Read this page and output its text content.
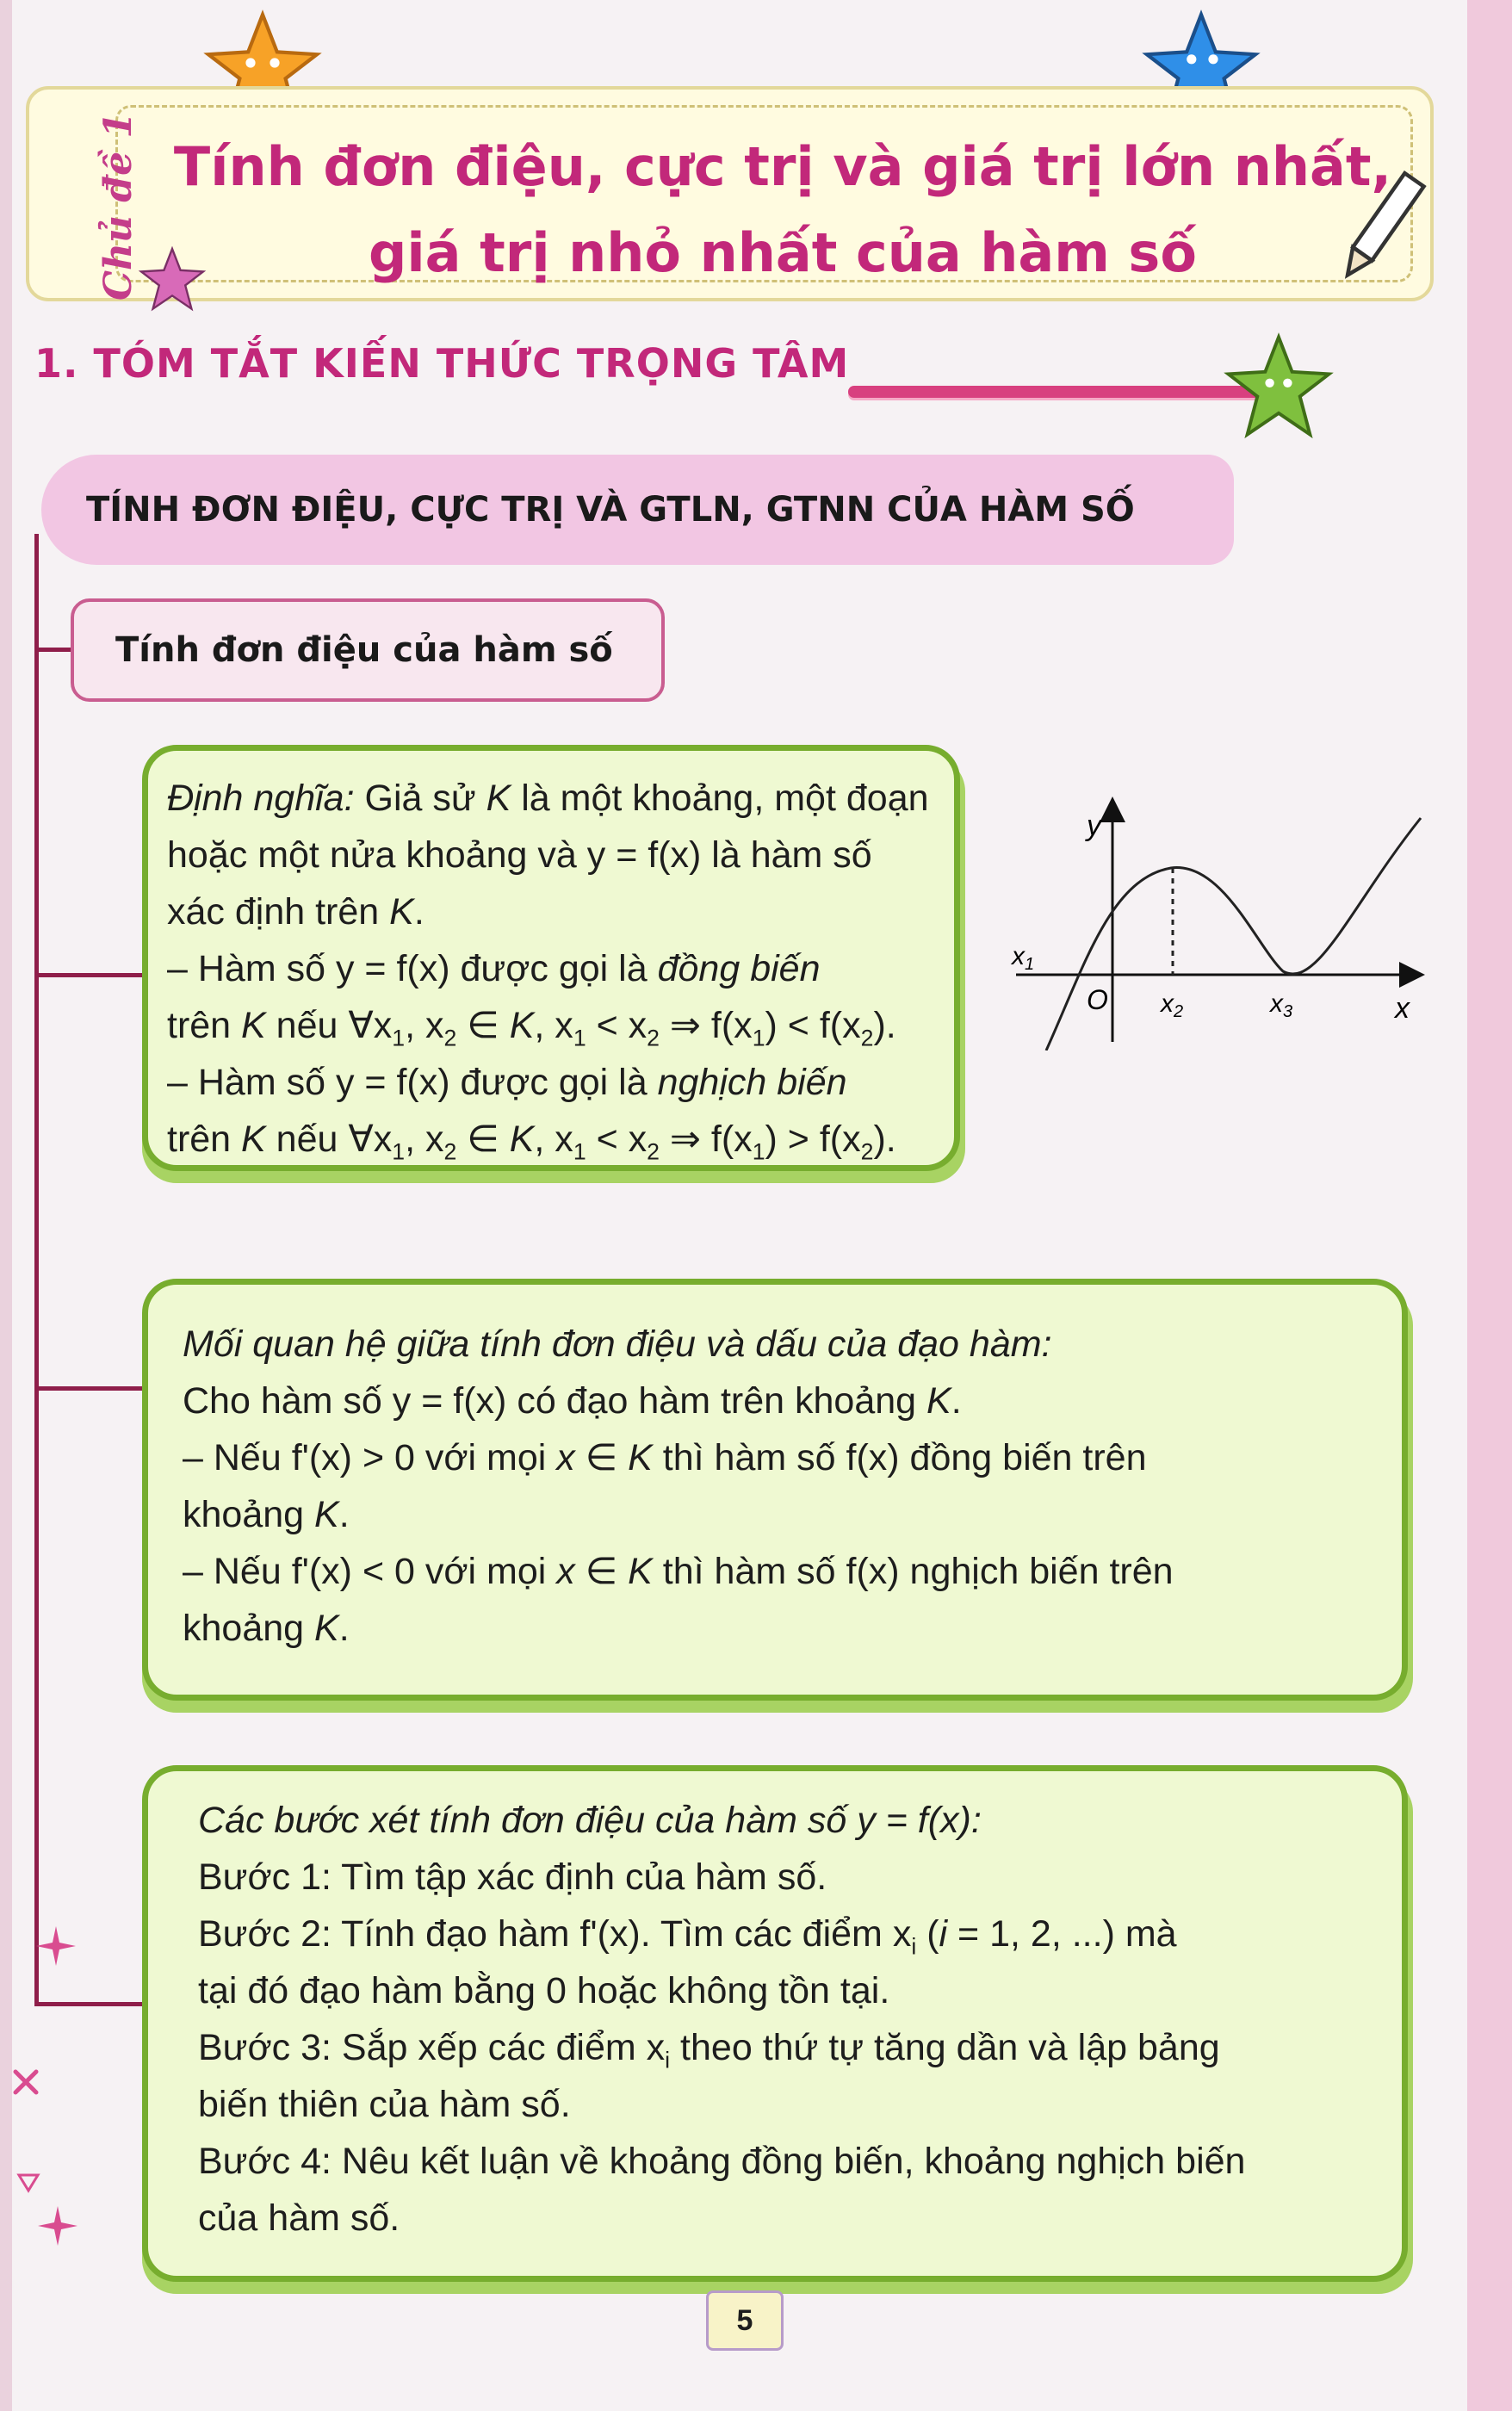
Chủ đề 1 Tính đơn điệu, cực trị và giá trị lớn nhất,
giá trị nhỏ nhất của hàm số
1. TÓM TẮT KIẾN THỨC TRỌNG TÂM
TÍNH ĐƠN ĐIỆU, CỰC TRỊ VÀ GTLN, GTNN CỦA HÀM SỐ
Tính đơn điệu của hàm số

Định nghĩa: Giả sử K là một khoảng, một đoạn

hoặc một nửa khoảng và y = f(x) là hàm số

xác định trên K.

– Hàm số y = f(x) được gọi là đồng biến

trên K nếu $\forall x_1$, $x_2$ ∈ K, $x_1 < x_2$ ⇒ $f(x_1) < f(x_2)$.

– Hàm số y = f(x) được gọi là nghịch biến

trên K nếu $\forall x_1$, $x_2$ ∈ K, $x_1 < x_2$ ⇒ $f(x_1) > f(x_2)$.

y
x
O
$x_1$
$x_2$	$x_3$

Mối quan hệ giữa tính đơn điệu và dấu của đạo hàm:

Cho hàm số y = f(x) có đạo hàm trên khoảng K.

– Nếu f'(x) > 0 với mọi x ∈ K thì hàm số f(x) đồng biến trên

khoảng K.

– Nếu f'(x) < 0 với mọi x ∈ K thì hàm số f(x) nghịch biến trên

khoảng K.

Các bước xét tính đơn điệu của hàm số y = f(x):

Bước 1: Tìm tập xác định của hàm số.

Bước 2: Tính đạo hàm f'(x). Tìm các điểm $x_i$ (i = 1, 2, ...) mà

tại đó đạo hàm bằng 0 hoặc không tồn tại.

Bước 3: Sắp xếp các điểm $x_i$ theo thứ tự tăng dần và lập bảng

biến thiên của hàm số.

Bước 4: Nêu kết luận về khoảng đồng biến, khoảng nghịch biến

của hàm số.

5
